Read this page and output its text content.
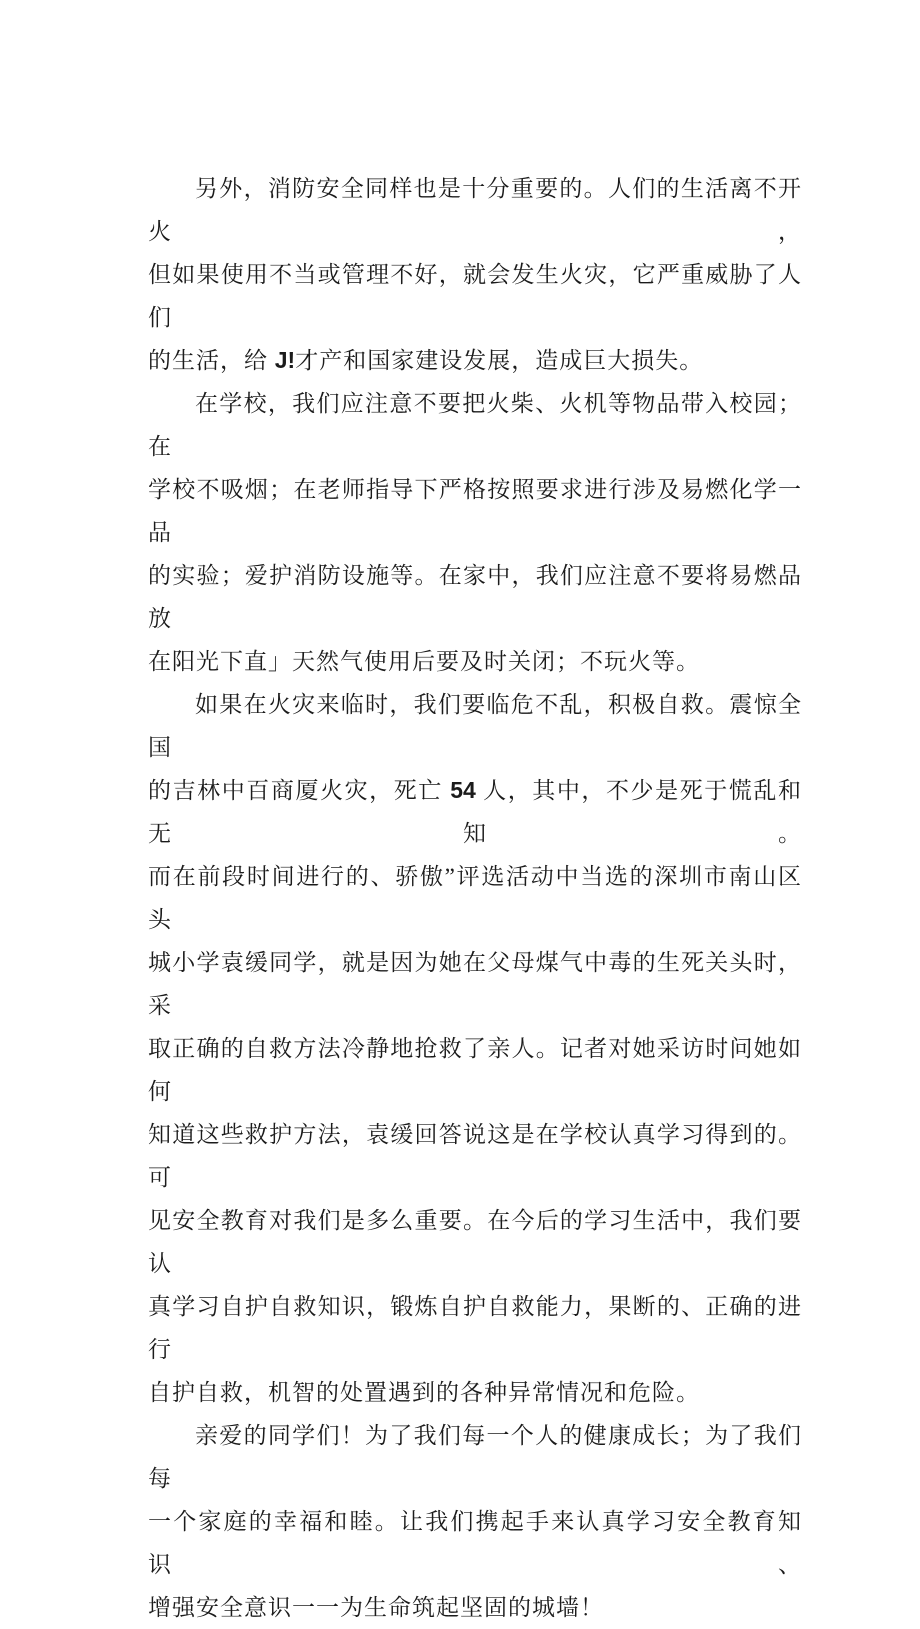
另外，消防安全同样也是十分重要的。人们的生活离不开火，
但如果使用不当或管理不好，就会发生火灾，它严重威胁了人们
的生活，给 J!才产和国家建设发展，造成巨大损失。
在学校，我们应注意不要把火柴、火机等物品带入校园；在
学校不吸烟；在老师指导下严格按照要求进行涉及易燃化学一品
的实验；爱护消防设施等。在家中，我们应注意不要将易燃品放
在阳光下直」天然气使用后要及时关闭；不玩火等。
如果在火灾来临时，我们要临危不乱，积极自救。震惊全国
的吉林中百商厦火灾，死亡 54 人，其中，不少是死于慌乱和无知。
而在前段时间进行的、骄傲”评选活动中当选的深圳市南山区头
城小学袁缓同学，就是因为她在父母煤气中毒的生死关头时，采
取正确的自救方法冷静地抢救了亲人。记者对她采访时问她如何
知道这些救护方法，袁缓回答说这是在学校认真学习得到的。可
见安全教育对我们是多么重要。在今后的学习生活中，我们要认
真学习自护自救知识，锻炼自护自救能力，果断的、正确的进行
自护自救，机智的处置遇到的各种异常情况和危险。
亲爱的同学们！为了我们每一个人的健康成长；为了我们每
一个家庭的幸福和睦。让我们携起手来认真学习安全教育知识、
增强安全意识一一为生命筑起坚固的城墙！
